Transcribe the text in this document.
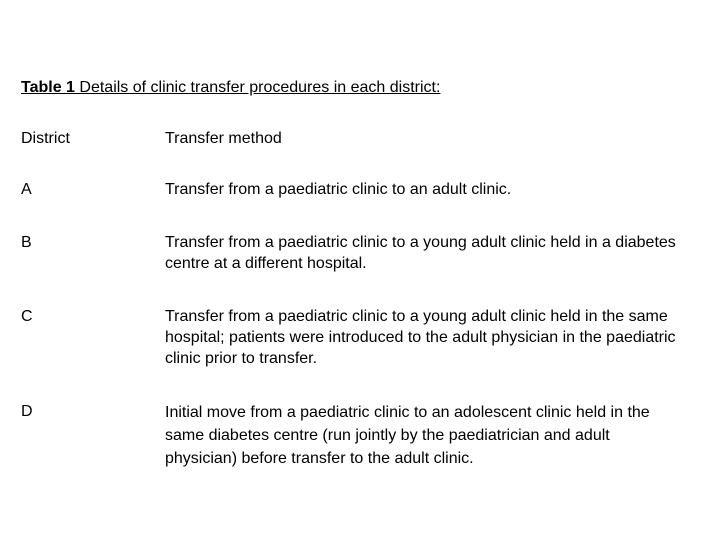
Table 1 Details of clinic transfer procedures in each district:
District	Transfer method
A	Transfer from a paediatric clinic to an adult clinic.
B	Transfer from a paediatric clinic to a young adult clinic held in a diabetes centre at a different hospital.
C	Transfer from a paediatric clinic to a young adult clinic held in the same hospital; patients were introduced to the adult physician in the paediatric clinic prior to transfer.
D	Initial move from a paediatric clinic to an adolescent clinic held in the same diabetes centre (run jointly by the paediatrician and adult physician) before transfer to the adult clinic.
